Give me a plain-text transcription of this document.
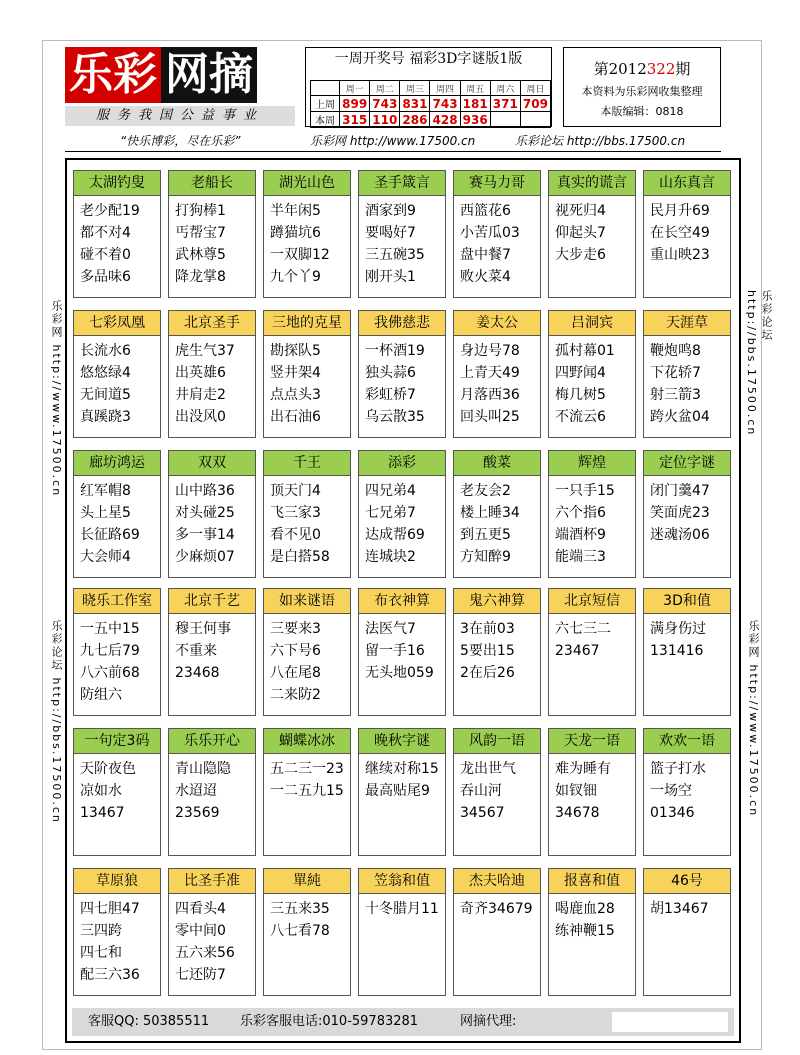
乐彩 网摘
服务我国公益事业
一周开奖号 福彩3D字谜版1版
	周一	周二	周三	周四	周五	周六	周日
上周	899	743	831	743	181	371	709
本周	315	110	286	428	936		
第2012322期
本资料为乐彩网收集整理
本版编辑：0818
“快乐博彩，尽在乐彩”	乐彩网 http://www.17500.cn	乐彩论坛 http://bbs.17500.cn
乐彩网 http://www.17500.cn
乐彩论坛 http://bbs.17500.cn
乐彩论坛 http://bbs.17500.cn
乐彩网 http://www.17500.cn
太湖钓叟
老少配19
都不对4
碰不着0
多品味6
老船长
打狗棒1
丐帮宝7
武林尊5
降龙掌8
湖光山色
半年闲5
蹲猫坑6
一双脚12
九个丫9
圣手箴言
酒家到9
要喝好7
三五碗35
刚开头1
赛马力哥
西篮花6
小苦瓜03
盘中餐7
败火菜4
真实的谎言
视死归4
仰起头7
大步走6
山东真言
民月升69
在长空49
重山映23
七彩凤凰
长流水6
悠悠绿4
无间道5
真蹊跷3
北京圣手
虎生气37
出英雄6
井肩走2
出没风0
三地的克星
勘探队5
竖井架4
点点头3
出石油6
我佛慈悲
一杯酒19
独头蒜6
彩虹桥7
乌云散35
姜太公
身边号78
上青天49
月落西36
回头叫25
吕洞宾
孤村幕01
四野闻4
梅几树5
不流云6
天涯草
鞭炮鸣8
下花轿7
射三箭3
跨火盆04
廊坊鸿运
红军帽8
头上星5
长征路69
大会师4
双双
山中路36
对头碰25
多一事14
少麻烦07
千王
顶天门4
飞三家3
看不见0
是白搭58
添彩
四兄弟4
七兄弟7
达成帮69
连城块2
酸菜
老友会2
楼上睡34
到五更5
方知醉9
辉煌
一只手15
六个指6
端酒杯9
能端三3
定位字谜
闭门羹47
笑面虎23
迷魂汤06
晓乐工作室
一五中15
九七后79
八六前68
防组六
北京千艺
穆王何事
不重来
23468
如来谜语
三要来3
六下号6
八在尾8
二来防2
布衣神算
法医气7
留一手16
无头地059
鬼六神算
3在前03
5要出15
2在后26
北京短信
六七三二
23467
3D和值
满身伤过
131416
一句定3码
天阶夜色
凉如水
13467
乐乐开心
青山隐隐
水迢迢
23569
蝴蝶冰冰
五二三一23
一二五九15
晚秋字谜
继续对称15
最高贴尾9
风韵一语
龙出世气
吞山河
34567
天龙一语
难为睡有
如钗钿
34678
欢欢一语
篮子打水
一场空
01346
草原狼
四七胆47
三四跨
四七和
配三六36
比圣手准
四看头4
零中间0
五六来56
七还防7
單純
三五来35
八七看78
笠翁和值
十冬腊月11
杰夫哈迪
奇齐34679
报喜和值
喝鹿血28
练神鞭15
46号
胡13467
客服QQ: 50385511 乐彩客服电话:010-59783281	网摘代理:
